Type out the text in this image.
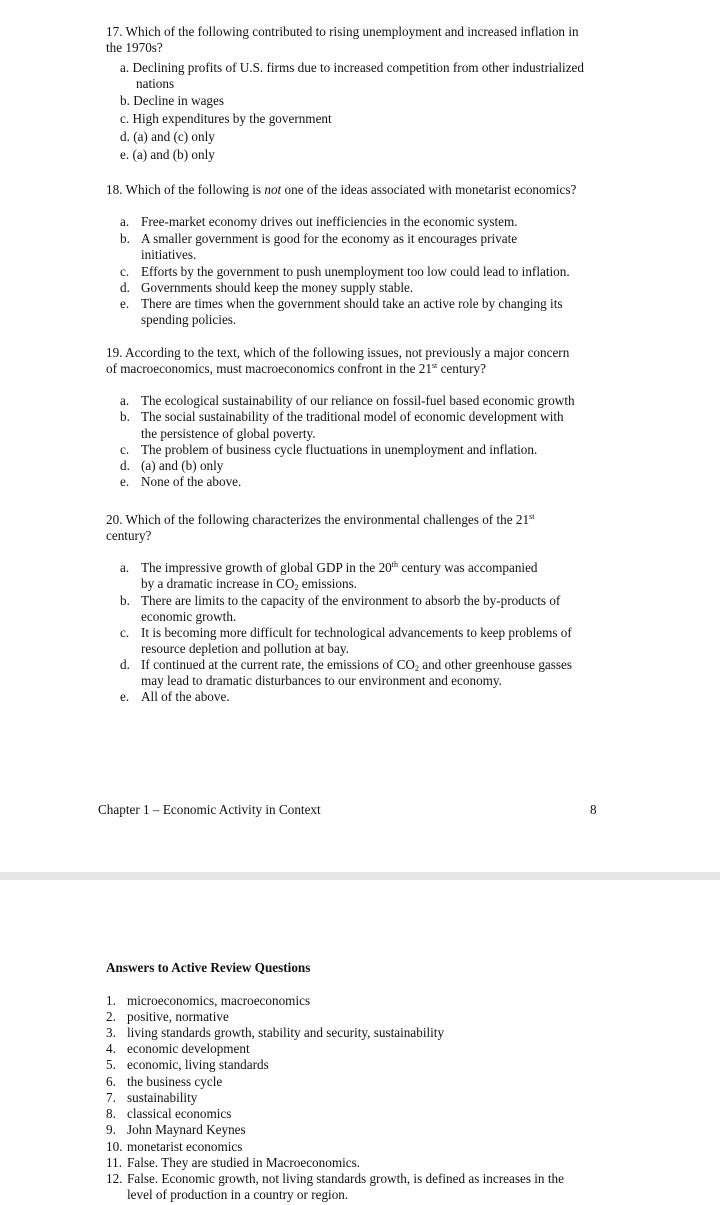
17. Which of the following contributed to rising unemployment and increased inflation in
the 1970s?
a. Declining profits of U.S. firms due to increased competition from other industrialized
nations
b. Decline in wages
c. High expenditures by the government
d. (a) and (c) only
e. (a) and (b) only
18. Which of the following is not one of the ideas associated with monetarist economics?
a. Free-market economy drives out inefficiencies in the economic system.
b. A smaller government is good for the economy as it encourages private
initiatives.
c. Efforts by the government to push unemployment too low could lead to inflation.
d. Governments should keep the money supply stable.
e. There are times when the government should take an active role by changing its
spending policies.
19. According to the text, which of the following issues, not previously a major concern
of macroeconomics, must macroeconomics confront in the 21st century?
a. The ecological sustainability of our reliance on fossil-fuel based economic growth
b. The social sustainability of the traditional model of economic development with
the persistence of global poverty.
c. The problem of business cycle fluctuations in unemployment and inflation.
d. (a) and (b) only
e. None of the above.
20. Which of the following characterizes the environmental challenges of the 21st
century?
a. The impressive growth of global GDP in the 20th century was accompanied
by a dramatic increase in $CO_2$ emissions.
b. There are limits to the capacity of the environment to absorb the by-products of
economic growth.
c. It is becoming more difficult for technological advancements to keep problems of
resource depletion and pollution at bay.
d. If continued at the current rate, the emissions of $CO_2$ and other greenhouse gasses
may lead to dramatic disturbances to our environment and economy.
e. All of the above.
Chapter 1 – Economic Activity in Context	8
Answers to Active Review Questions
1. microeconomics, macroeconomics
2. positive, normative
3. living standards growth, stability and security, sustainability
4. economic development
5. economic, living standards
6. the business cycle
7. sustainability
8. classical economics
9. John Maynard Keynes
10. monetarist economics
11. False. They are studied in Macroeconomics.
12. False. Economic growth, not living standards growth, is defined as increases in the
level of production in a country or region.
